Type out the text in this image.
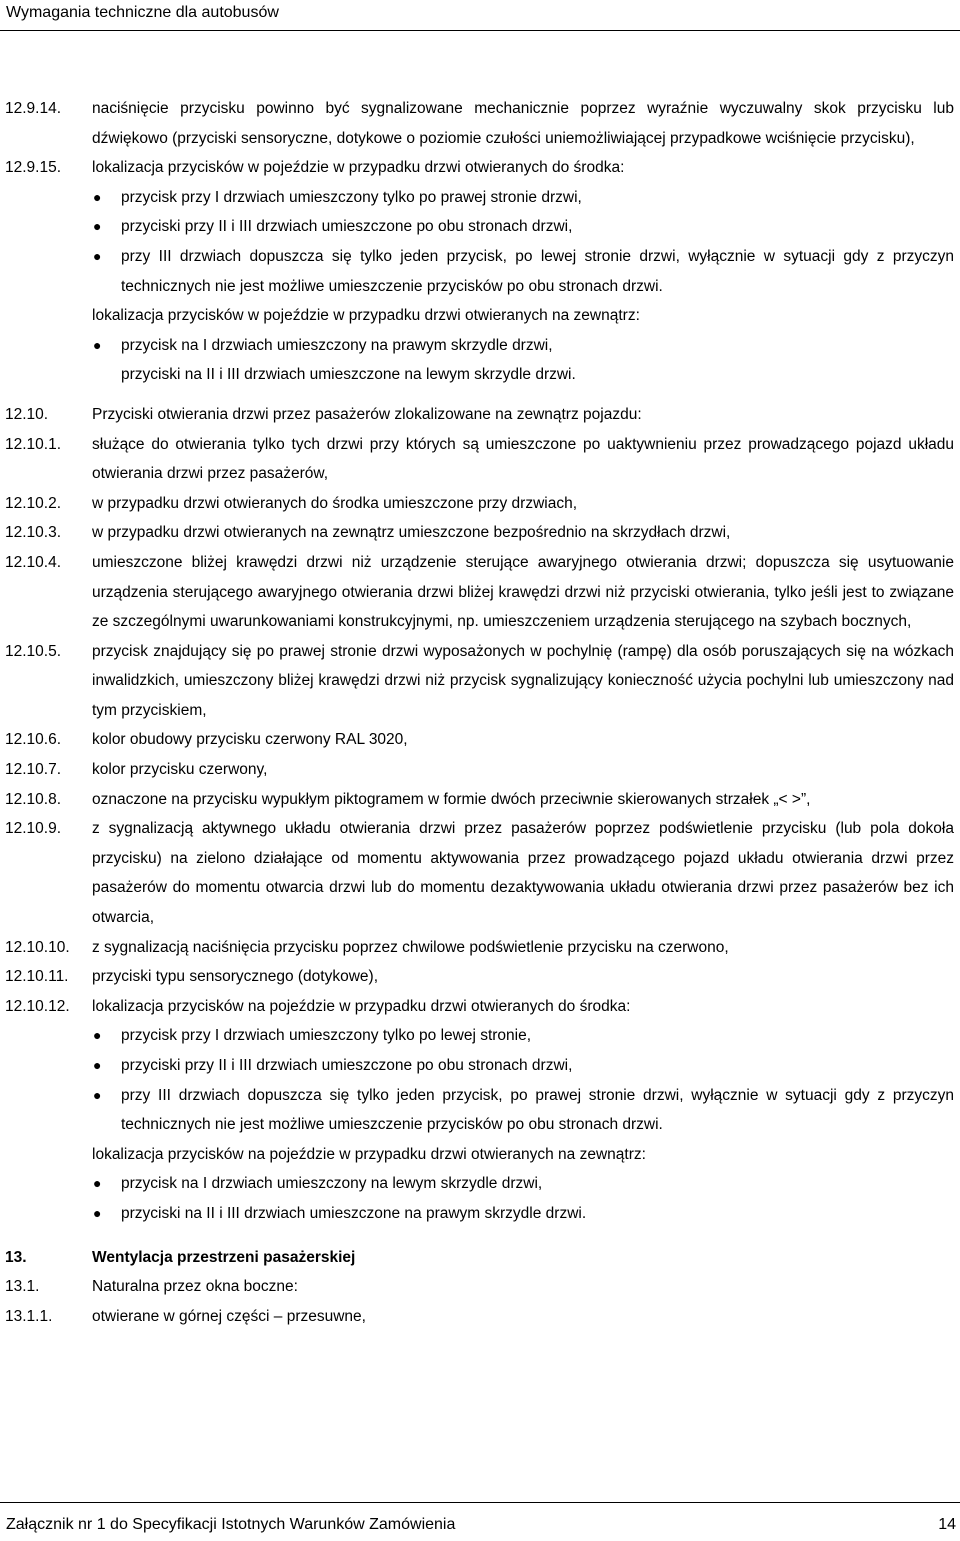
Wymagania techniczne dla autobusów
12.9.14. naciśnięcie przycisku powinno być sygnalizowane mechanicznie poprzez wyraźnie wyczuwalny skok przycisku lub dźwiękowo (przyciski sensoryczne, dotykowe o poziomie czułości uniemożliwiającej przypadkowe wciśnięcie przycisku),
12.9.15. lokalizacja przycisków w pojeździe w przypadku drzwi otwieranych do środka:
● przycisk przy I drzwiach umieszczony tylko po prawej stronie drzwi,
● przyciski przy II i III drzwiach umieszczone po obu stronach drzwi,
● przy III drzwiach dopuszcza się tylko jeden przycisk, po lewej stronie drzwi, wyłącznie w sytuacji gdy z przyczyn technicznych nie jest możliwe umieszczenie przycisków po obu stronach drzwi.
lokalizacja przycisków w pojeździe w przypadku drzwi otwieranych na zewnątrz:
● przycisk na I drzwiach umieszczony na prawym skrzydle drzwi,
przyciski na II i III drzwiach umieszczone na lewym skrzydle drzwi.
12.10.	Przyciski otwierania drzwi przez pasażerów zlokalizowane na zewnątrz pojazdu:
12.10.1. służące do otwierania tylko tych drzwi przy których są umieszczone po uaktywnieniu przez prowadzącego pojazd układu otwierania drzwi przez pasażerów,
12.10.2. w przypadku drzwi otwieranych do środka umieszczone przy drzwiach,
12.10.3. w przypadku drzwi otwieranych na zewnątrz umieszczone bezpośrednio na skrzydłach drzwi,
12.10.4. umieszczone bliżej krawędzi drzwi niż urządzenie sterujące awaryjnego otwierania drzwi; dopuszcza się usytuowanie urządzenia sterującego awaryjnego otwierania drzwi bliżej krawędzi drzwi niż przyciski otwierania, tylko jeśli jest to związane ze szczególnymi uwarunkowaniami konstrukcyjnymi, np. umieszczeniem urządzenia sterującego na szybach bocznych,
12.10.5. przycisk znajdujący się po prawej stronie drzwi wyposażonych w pochylnię (rampę) dla osób poruszających się na wózkach inwalidzkich, umieszczony bliżej krawędzi drzwi niż przycisk sygnalizujący konieczność użycia pochylni lub umieszczony nad tym przyciskiem,
12.10.6. kolor obudowy przycisku czerwony RAL 3020,
12.10.7. kolor przycisku czerwony,
12.10.8. oznaczone na przycisku wypukłym piktogramem w formie dwóch przeciwnie skierowanych strzałek „< >”,
12.10.9. z sygnalizacją aktywnego układu otwierania drzwi przez pasażerów poprzez podświetlenie przycisku (lub pola dokoła przycisku) na zielono działające od momentu aktywowania przez prowadzącego pojazd układu otwierania drzwi przez pasażerów do momentu otwarcia drzwi lub do momentu dezaktywowania układu otwierania drzwi przez pasażerów bez ich otwarcia,
12.10.10. z sygnalizacją naciśnięcia przycisku poprzez chwilowe podświetlenie przycisku na czerwono,
12.10.11. przyciski typu sensorycznego (dotykowe),
12.10.12. lokalizacja przycisków na pojeździe w przypadku drzwi otwieranych do środka:
● przycisk przy I drzwiach umieszczony tylko po lewej stronie,
● przyciski przy II i III drzwiach umieszczone po obu stronach drzwi,
● przy III drzwiach dopuszcza się tylko jeden przycisk, po prawej stronie drzwi, wyłącznie w sytuacji gdy z przyczyn technicznych nie jest możliwe umieszczenie przycisków po obu stronach drzwi.
lokalizacja przycisków na pojeździe w przypadku drzwi otwieranych na zewnątrz:
● przycisk na I drzwiach umieszczony na lewym skrzydle drzwi,
● przyciski na II i III drzwiach umieszczone na prawym skrzydle drzwi.
13.	Wentylacja przestrzeni pasażerskiej
13.1.	Naturalna przez okna boczne:
13.1.1.	otwierane w górnej części – przesuwne,
Załącznik nr 1 do Specyfikacji Istotnych Warunków Zamówienia	14
